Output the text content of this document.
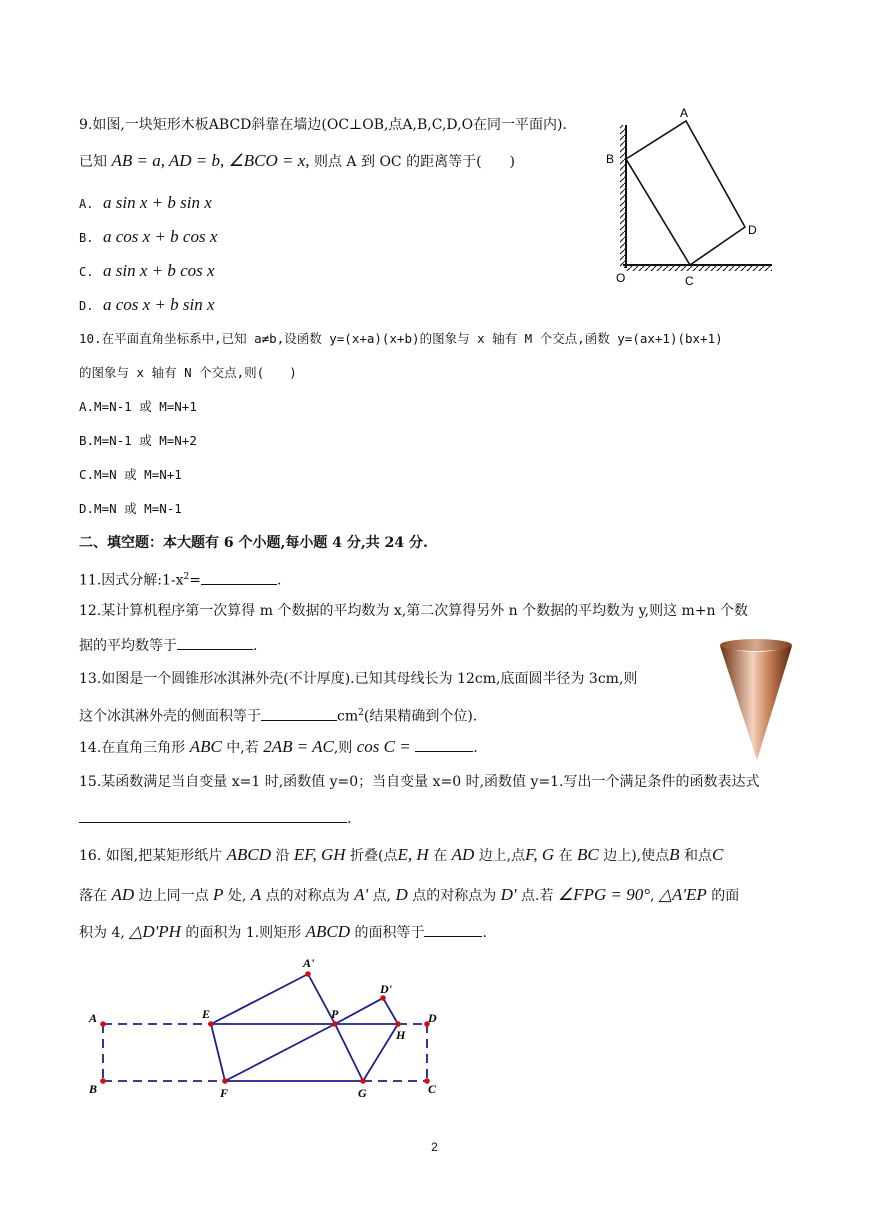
9.如图,一块矩形木板ABCD斜靠在墙边(OC⊥OB,点A,B,C,D,O在同一平面内).
已知 AB = a, AD = b, ∠BCO = x, 则点 A 到 OC 的距离等于(　　)
A. a sin x + b sin x
B. a cos x + b cos x
C. a sin x + b cos x
D. a cos x + b sin x
A
B
D
O	C
10.在平面直角坐标系中,已知 a≠b,设函数 y=(x+a)(x+b)的图象与 x 轴有 M 个交点,函数 y=(ax+1)(bx+1)
的图象与 x 轴有 N 个交点,则(　　)
A.M=N-1 或 M=N+1
B.M=N-1 或 M=N+2
C.M=N 或 M=N+1
D.M=N 或 M=N-1
二、填空题：本大题有 6 个小题,每小题 4 分,共 24 分.
11.因式分解$:1-x^2=$	.
12.某计算机程序第一次算得 m 个数据的平均数为 x,第二次算得另外 n 个数据的平均数为 y,则这 m+n 个数
据的平均数等于	.
13.如图是一个圆锥形冰淇淋外壳(不计厚度).已知其母线长为 12cm,底面圆半径为 3cm,则
这个冰淇淋外壳的侧面积等于	$cm^2$(结果精确到个位).
14.在直角三角形 ABC 中,若 2AB = AC,则 cos C =	.
15.某函数满足当自变量 x=1 时,函数值 y=0；当自变量 x=0 时,函数值 y=1.写出一个满足条件的函数表达式
.
16. 如图,把某矩形纸片 ABCD 沿 EF, GH 折叠(点E, H 在 AD 边上,点F, G 在 BC 边上),使点B 和点C
落在 AD 边上同一点 P 处, A 点的对称点为 A' 点, D 点的对称点为 D' 点.若 ∠FPG = 90°, △A'EP 的面
积为 4, △D'PH 的面积为 1.则矩形 ABCD 的面积等于	.
A
B	C
D
E
F	G
H
P
A'
D'
2
